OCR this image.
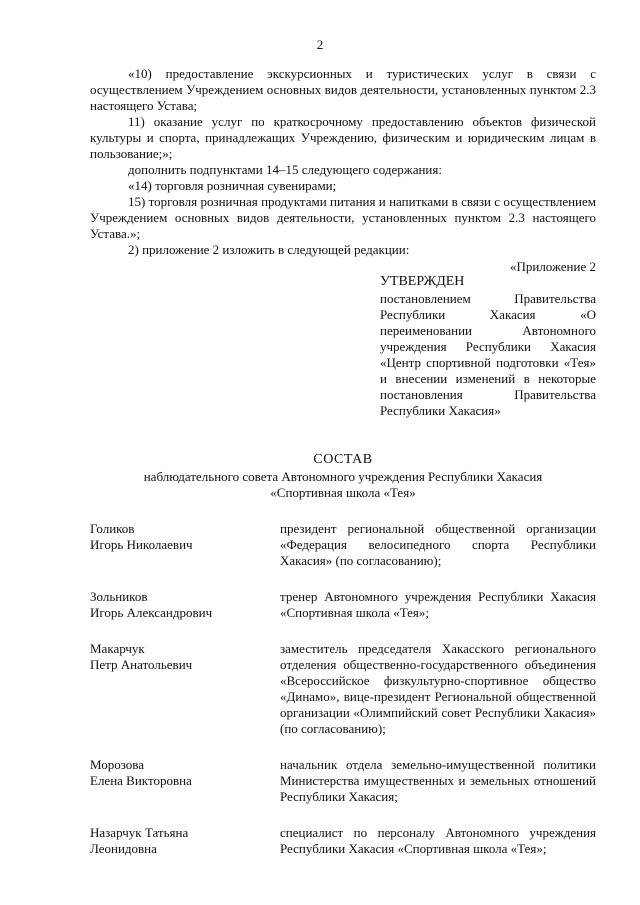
2

«10) предоставление экскурсионных и туристических услуг в связи с осуществлением Учреждением основных видов деятельности, установленных пунктом 2.3 настоящего Устава;

11) оказание услуг по краткосрочному предоставлению объектов физической культуры и спорта, принадлежащих Учреждению, физическим и юридическим лицам в пользование;»;

дополнить подпунктами 14–15 следующего содержания:

«14) торговля розничная сувенирами;

15) торговля розничная продуктами питания и напитками в связи с осуществлением Учреждением основных видов деятельности, установленных пунктом 2.3 настоящего Устава.»;

2) приложение 2 изложить в следующей редакции:

«Приложение 2
УТВЕРЖДЕН
постановлением Правительства Республики Хакасия «О переименовании Автономного учреждения Республики Хакасия «Центр спортивной подготовки «Тея» и внесении изменений в некоторые постановления Правительства Республики Хакасия»
СОСТАВ
наблюдательного совета Автономного учреждения Республики Хакасия
«Спортивная школа «Тея»
Голиков
Игорь Николаевич
президент региональной общественной организации «Федерация велосипедного спорта Республики Хакасия» (по согласованию);
Зольников
Игорь Александрович
тренер Автономного учреждения Республики Хакасия «Спортивная школа «Тея»;
Макарчук
Петр Анатольевич
заместитель председателя Хакасского регионального отделения общественно-государственного объединения «Всероссийское физкультурно-спортивное общество «Динамо», вице-президент Региональной общественной организации «Олимпийский совет Республики Хакасия» (по согласованию);
Морозова
Елена Викторовна
начальник отдела земельно-имущественной политики Министерства имущественных и земельных отношений Республики Хакасия;
Назарчук Татьяна
Леонидовна
специалист по персоналу Автономного учреждения Республики Хакасия «Спортивная школа «Тея»;
